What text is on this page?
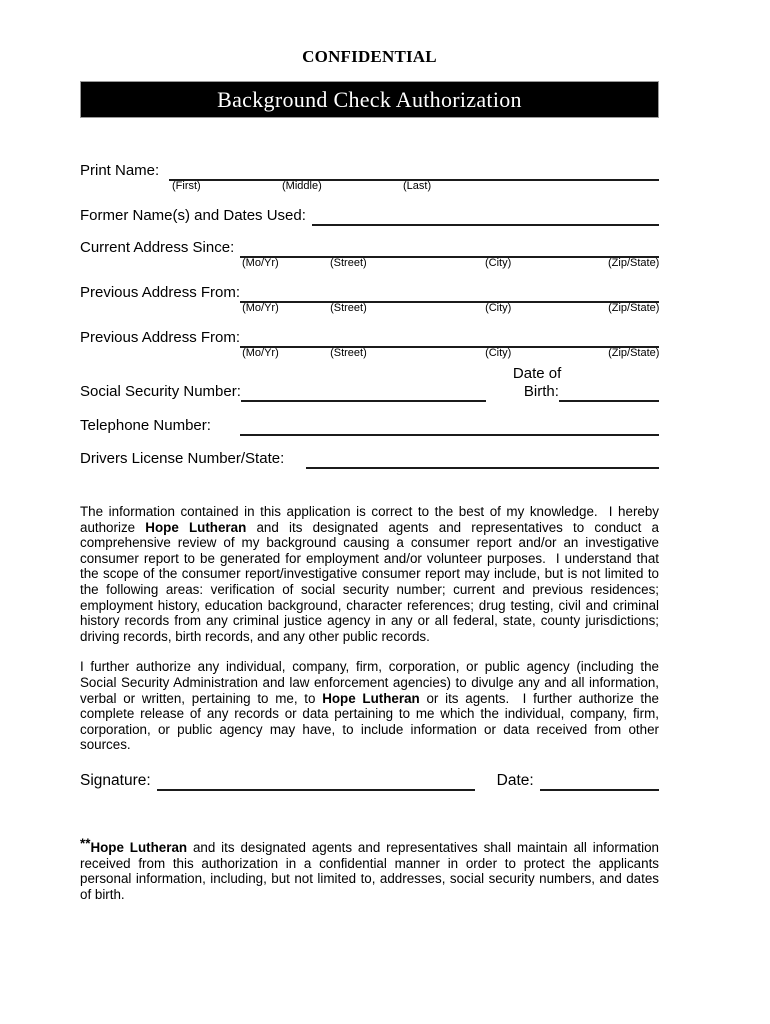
CONFIDENTIAL
Background Check Authorization
Print Name:
(First)	(Middle)	(Last)
Former Name(s) and Dates Used:
Current Address Since:
(Mo/Yr)	(Street)	(City)	(Zip/State)
Previous Address From:
(Mo/Yr)	(Street)	(City)	(Zip/State)
Previous Address From:
(Mo/Yr)	(Street)	(City)	(Zip/State)
Social Security Number:
Date of
Birth:
Telephone Number:
Drivers License Number/State:

The information contained in this application is correct to the best of my knowledge.  I hereby authorize Hope Lutheran and its designated agents and representatives to conduct a comprehensive review of my background causing a consumer report and/or an investigative consumer report to be generated for employment and/or volunteer purposes.  I understand that the scope of the consumer report/investigative consumer report may include, but is not limited to the following areas: verification of social security number; current and previous residences; employment history, education background, character references; drug testing, civil and criminal history records from any criminal justice agency in any or all federal, state, county jurisdictions; driving records, birth records, and any other public records.

I further authorize any individual, company, firm, corporation, or public agency (including the Social Security Administration and law enforcement agencies) to divulge any and all information, verbal or written, pertaining to me, to Hope Lutheran or its agents.  I further authorize the complete release of any records or data pertaining to me which the individual, company, firm, corporation, or public agency may have, to include information or data received from other sources.

Signature:	Date:

**Hope Lutheran and its designated agents and representatives shall maintain all information received from this authorization in a confidential manner in order to protect the applicants personal information, including, but not limited to, addresses, social security numbers, and dates of birth.
